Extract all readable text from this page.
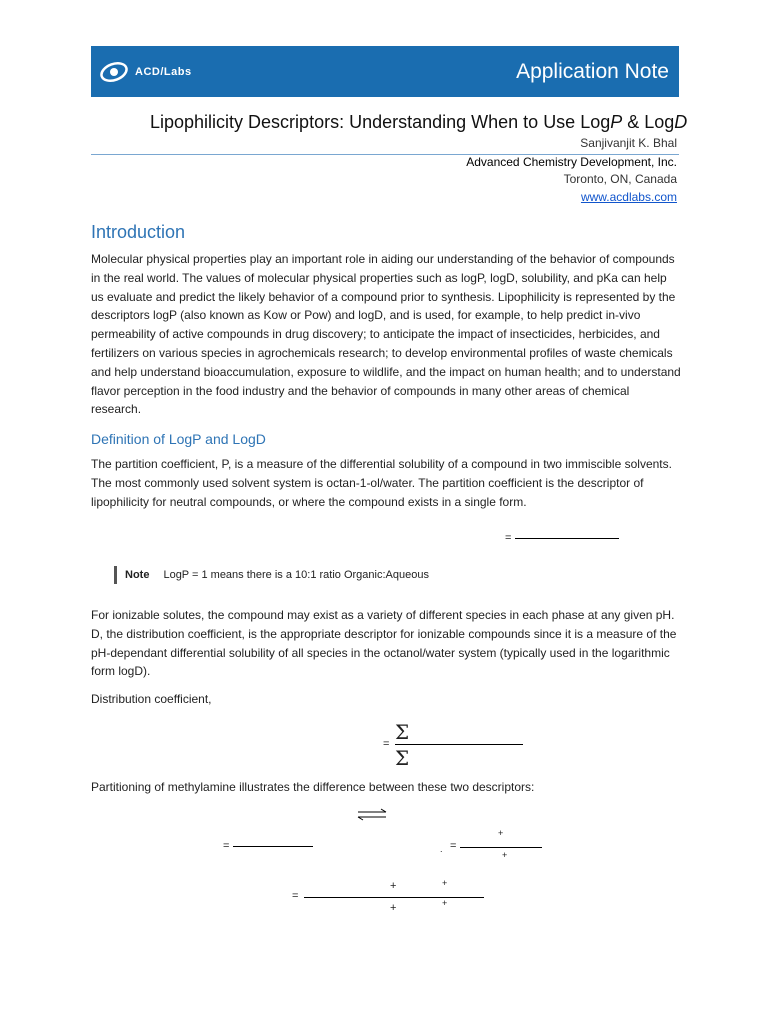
ACD/Labs	Application Note
Lipophilicity Descriptors: Understanding When to Use LogP & LogD
Sanjivanjit K. Bhal
Advanced Chemistry Development, Inc.
Toronto, ON, Canada
www.acdlabs.com
Introduction

Molecular physical properties play an important role in aiding our understanding of the behavior of compounds in the real world. The values of molecular physical properties such as logP, logD, solubility, and pKa can help us evaluate and predict the likely behavior of a compound prior to synthesis. Lipophilicity is represented by the descriptors logP (also known as Kow or Pow) and logD, and is used, for example, to help predict in-vivo permeability of active compounds in drug discovery; to anticipate the impact of insecticides, herbicides, and fertilizers on various species in agrochemicals research; to develop environmental profiles of waste chemicals and help understand bioaccumulation, exposure to wildlife, and the impact on human health; and to understand flavor perception in the food industry and the behavior of compounds in many other areas of chemical research.

Definition of LogP and LogD

The partition coefficient, P, is a measure of the differential solubility of a compound in two immiscible solvents. The most commonly used solvent system is octan-1-ol/water. The partition coefficient is the descriptor of lipophilicity for neutral compounds, or where the compound exists in a single form.

=
Note LogP = 1 means there is a 10:1 ratio Organic:Aqueous

For ionizable solutes, the compound may exist as a variety of different species in each phase at any given pH. D, the distribution coefficient, is the appropriate descriptor for ionizable compounds since it is a measure of the pH-dependant differential solubility of all species in the octanol/water system (typically used in the logarithmic form logD).

Distribution coefficient,

= Σ
Σ

Partitioning of methylamine illustrates the difference between these two descriptors:

=	. =
+
+
=
+	+
+	+
